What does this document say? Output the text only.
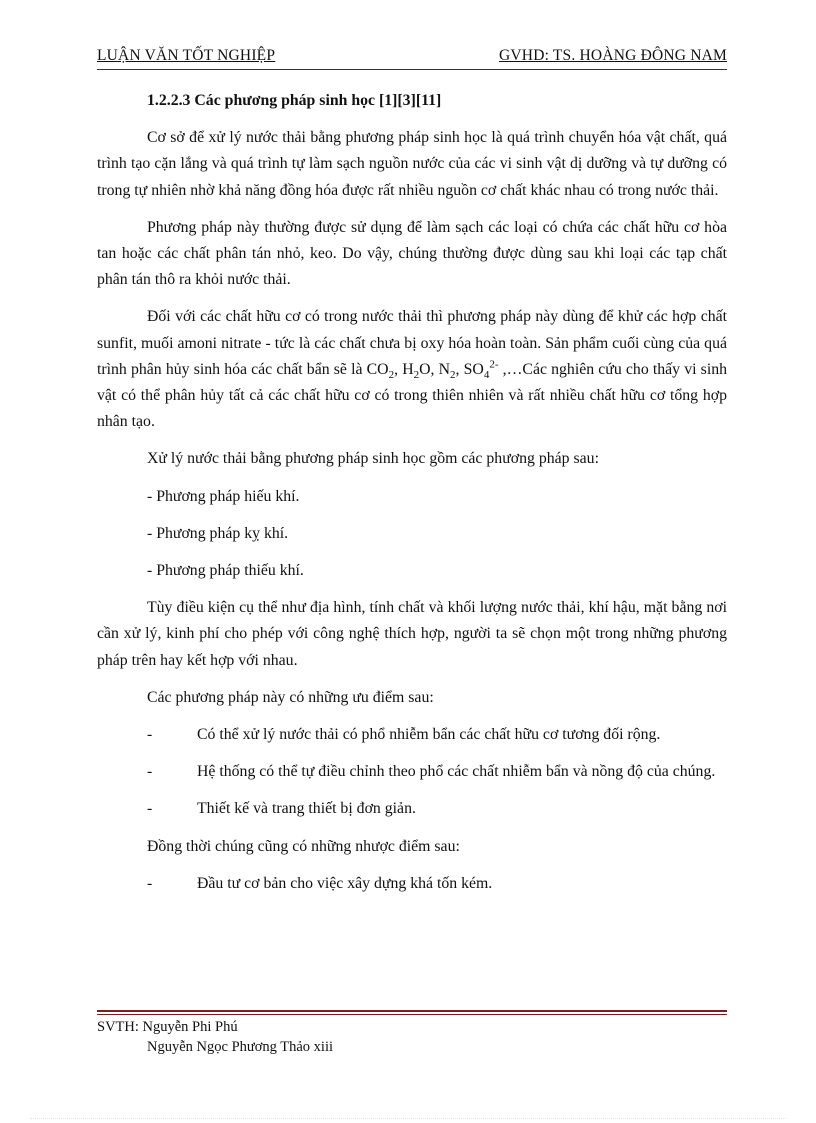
LUẬN VĂN TỐT NGHIỆP	GVHD: TS. HOÀNG ĐÔNG NAM
1.2.2.3 Các phương pháp sinh học [1][3][11]

Cơ sở để xử lý nước thải bằng phương pháp sinh học là quá trình chuyển hóa vật chất, quá trình tạo cặn lắng và quá trình tự làm sạch nguồn nước của các vi sinh vật dị dưỡng và tự dưỡng có trong tự nhiên nhờ khả năng đồng hóa được rất nhiều nguồn cơ chất khác nhau có trong nước thải.

Phương pháp này thường được sử dụng để làm sạch các loại có chứa các chất hữu cơ hòa tan hoặc các chất phân tán nhỏ, keo. Do vậy, chúng thường được dùng sau khi loại các tạp chất phân tán thô ra khỏi nước thải.

Đối với các chất hữu cơ có trong nước thải thì phương pháp này dùng để khử các hợp chất sunfit, muối amoni nitrate - tức là các chất chưa bị oxy hóa hoàn toàn. Sản phẩm cuối cùng của quá trình phân hủy sinh hóa các chất bẩn sẽ là $CO_2$, $H_2O$, $N_2$, $SO_4^{2-}$ ,…Các nghiên cứu cho thấy vi sinh vật có thể phân hủy tất cả các chất hữu cơ có trong thiên nhiên và rất nhiều chất hữu cơ tổng hợp nhân tạo.

Xử lý nước thải bằng phương pháp sinh học gồm các phương pháp sau:

- Phương pháp hiếu khí.

- Phương pháp kỵ khí.

- Phương pháp thiếu khí.

Tùy điều kiện cụ thể như địa hình, tính chất và khối lượng nước thải, khí hậu, mặt bằng nơi cần xử lý, kinh phí cho phép với công nghệ thích hợp, người ta sẽ chọn một trong những phương pháp trên hay kết hợp với nhau.

Các phương pháp này có những ưu điểm sau:

-	Có thể xử lý nước thải có phổ nhiễm bẩn các chất hữu cơ tương đối rộng.

-	Hệ thống có thể tự điều chỉnh theo phổ các chất nhiễm bẩn và nồng độ của chúng.

-	Thiết kế và trang thiết bị đơn giản.

Đồng thời chúng cũng có những nhược điểm sau:

-	Đầu tư cơ bản cho việc xây dựng khá tốn kém.

SVTH: Nguyễn Phi Phú
Nguyễn Ngọc Phương Thảo xiii
